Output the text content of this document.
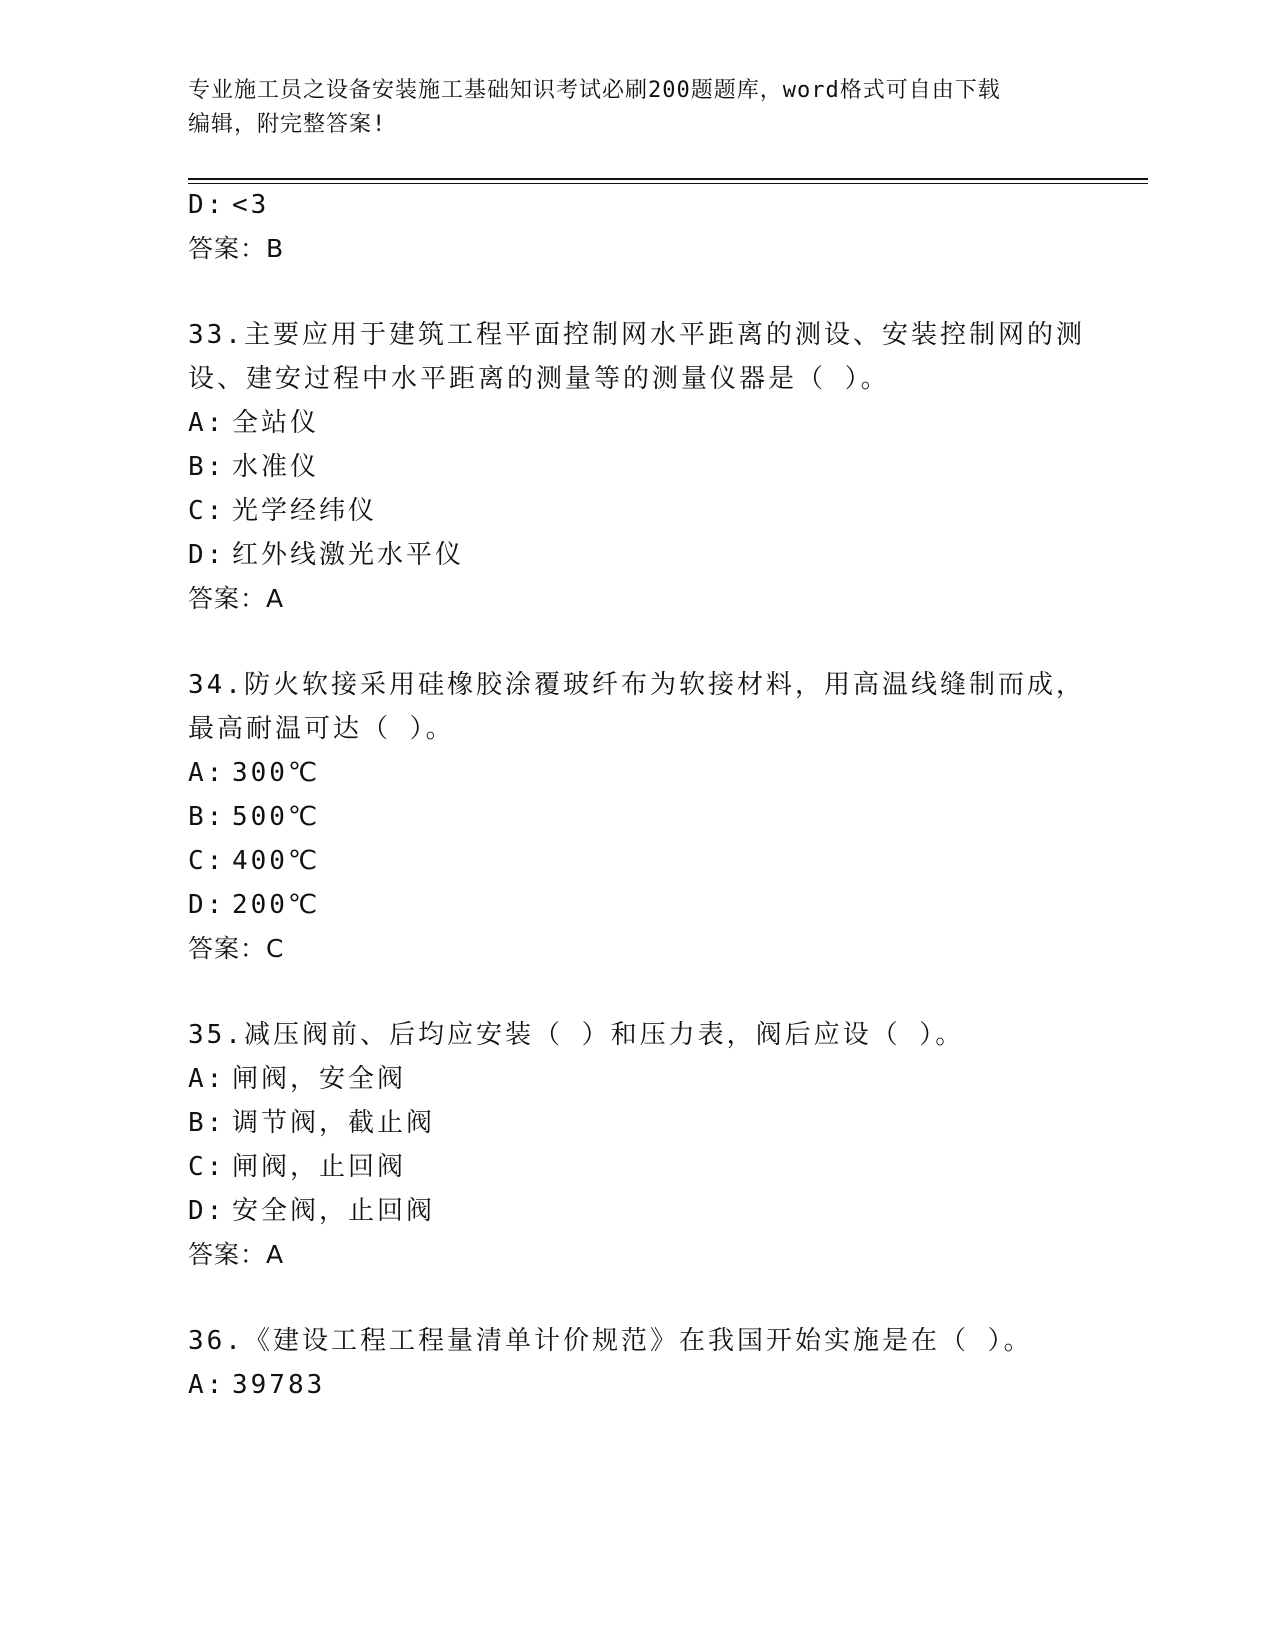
专业施工员之设备安装施工基础知识考试必刷200题题库，word格式可自由下载
编辑，附完整答案!
D: <3
答案：B
33.主要应用于建筑工程平面控制网水平距离的测设、安装控制网的测
设、建安过程中水平距离的测量等的测量仪器是（ ）。
A: 全站仪
B: 水准仪
C: 光学经纬仪
D: 红外线激光水平仪
答案：A
34.防火软接采用硅橡胶涂覆玻纤布为软接材料，用高温线缝制而成，
最高耐温可达（ ）。
A: 300℃
B: 500℃
C: 400℃
D: 200℃
答案：C
35.减压阀前、后均应安装（ ）和压力表，阀后应设（ ）。
A: 闸阀，安全阀
B: 调节阀，截止阀
C: 闸阀，止回阀
D: 安全阀，止回阀
答案：A
36.《建设工程工程量清单计价规范》在我国开始实施是在（ ）。
A: 39783
